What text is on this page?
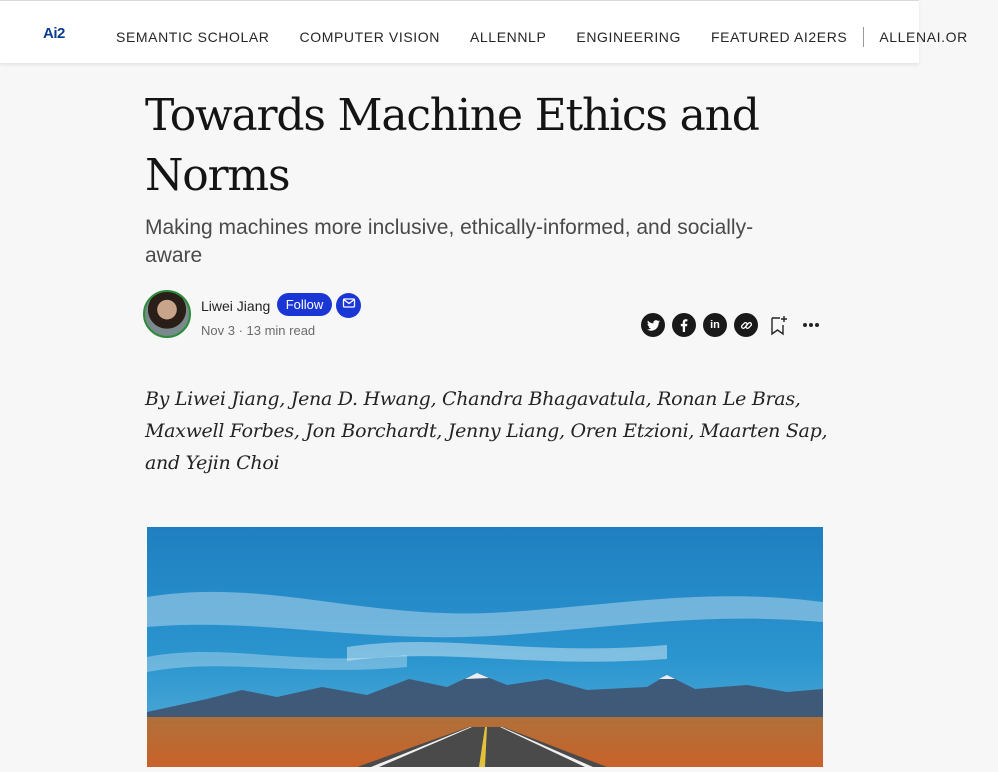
Ai2	SEMANTIC SCHOLAR COMPUTER VISION ALLENNLP ENGINEERING FEATURED AI2ERS ALLENAI.OR
Towards Machine Ethics and Norms
Making machines more inclusive, ethically-informed, and socially-aware
Liwei Jiang	Follow
Nov 3 · 13 min read	in

By Liwei Jiang, Jena D. Hwang, Chandra Bhagavatula, Ronan Le Bras, Maxwell Forbes, Jon Borchardt, Jenny Liang, Oren Etzioni, Maarten Sap, and Yejin Choi
